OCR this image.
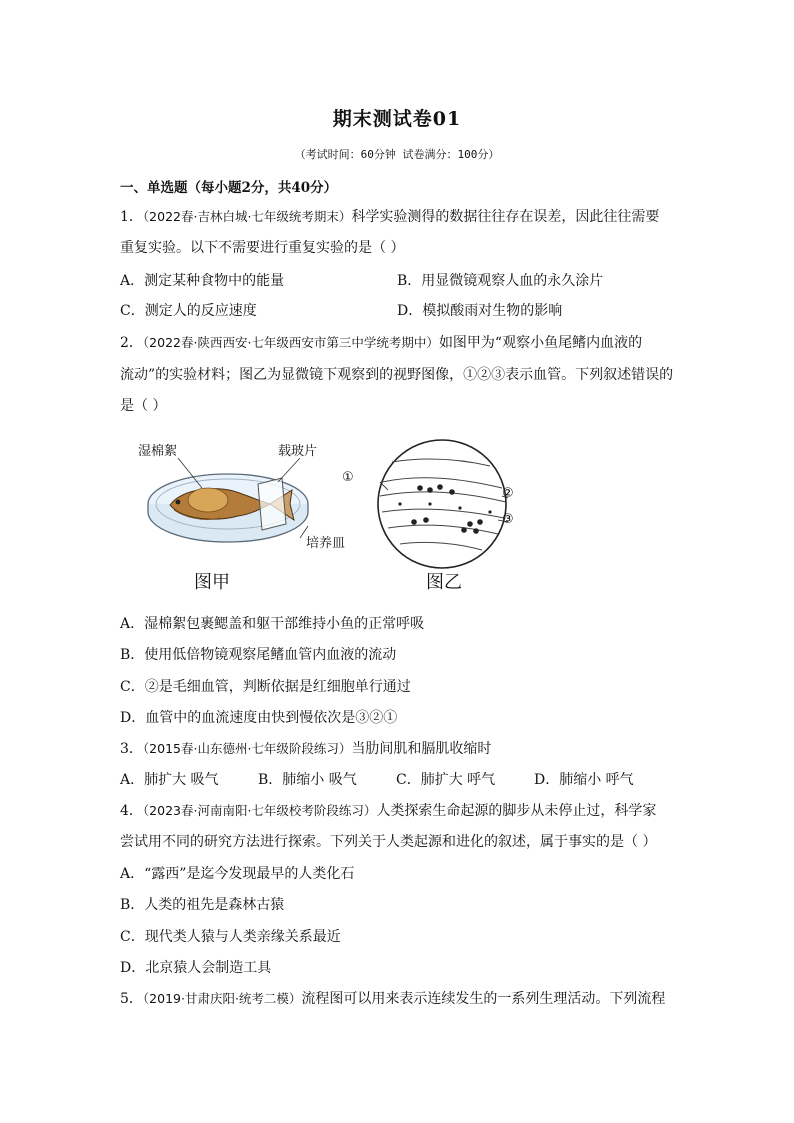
期末测试卷01
（考试时间：60分钟 试卷满分：100分）
一、单选题（每小题2分，共40分）
1．（2022春·吉林白城·七年级统考期末）科学实验测得的数据往往存在误差，因此往往需要
重复实验。以下不需要进行重复实验的是（ ）
A．测定某种食物中的能量	B．用显微镜观察人血的永久涂片
C．测定人的反应速度	D．模拟酸雨对生物的影响
2．（2022春·陕西西安·七年级西安市第三中学统考期中）如图甲为“观察小鱼尾鳍内血液的
流动”的实验材料；图乙为显微镜下观察到的视野图像，①②③表示血管。下列叙述错误的
是（ ）
湿棉絮	载玻片
培养皿
①
②
③
图甲	图乙
A．湿棉絮包裹鳃盖和躯干部维持小鱼的正常呼吸
B．使用低倍物镜观察尾鳍血管内血液的流动
C．②是毛细血管，判断依据是红细胞单行通过
D．血管中的血流速度由快到慢依次是③②①
3．（2015春·山东德州·七年级阶段练习）当肋间肌和膈肌收缩时
A．肺扩大 吸气	B．肺缩小 吸气	C．肺扩大 呼气	D．肺缩小 呼气
4．（2023春·河南南阳·七年级校考阶段练习）人类探索生命起源的脚步从未停止过，科学家
尝试用不同的研究方法进行探索。下列关于人类起源和进化的叙述，属于事实的是（ ）
A．“露西”是迄今发现最早的人类化石
B．人类的祖先是森林古猿
C．现代类人猿与人类亲缘关系最近
D．北京猿人会制造工具
5．（2019·甘肃庆阳·统考二模）流程图可以用来表示连续发生的一系列生理活动。下列流程
